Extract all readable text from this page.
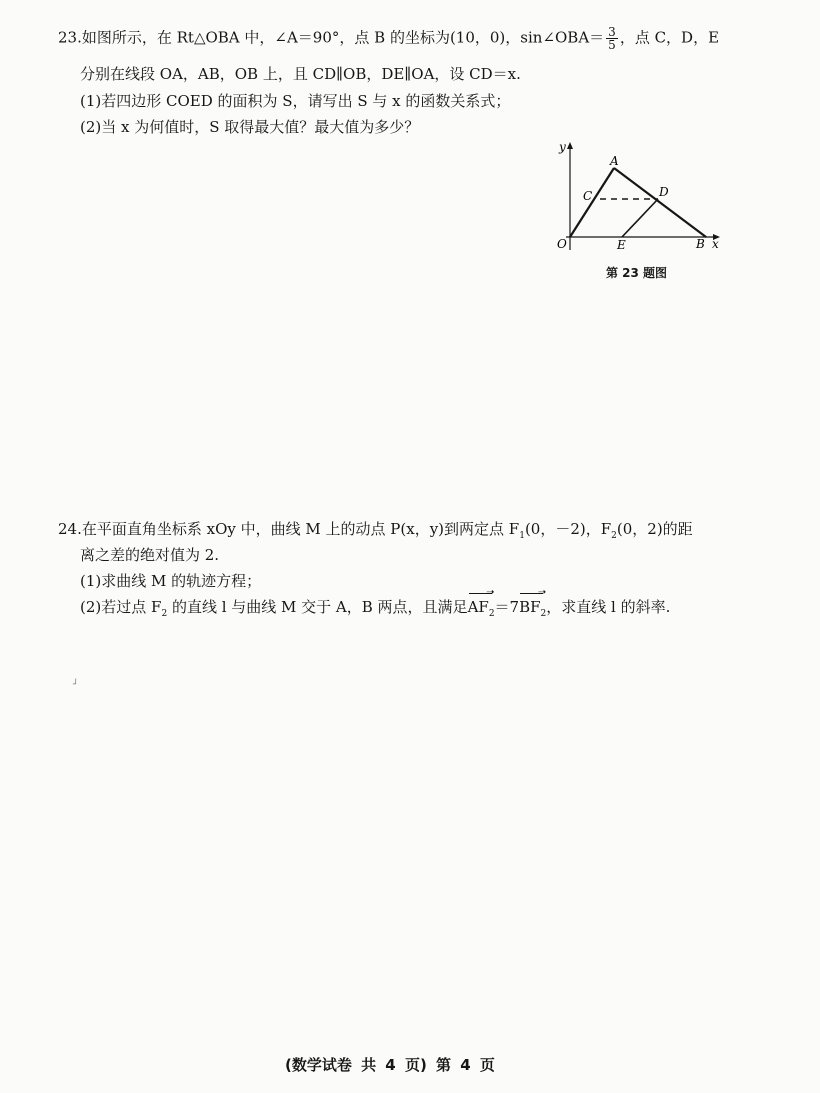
23.如图所示，在 Rt△OBA 中，∠A＝90°，点 B 的坐标为(10，0)，sin∠OBA＝ $\frac{3}{5}$ ，点 C，D，E
分别在线段 OA，AB，OB 上，且 CD∥OB，DE∥OA，设 CD＝x.
(1)若四边形 COED 的面积为 S，请写出 S 与 x 的函数关系式；
(2)当 x 为何值时，S 取得最大值？最大值为多少？
y
A
C	D
O	E	B x
第 23 题图
24.在平面直角坐标系 xOy 中，曲线 M 上的动点 P(x，y)到两定点 $F_1(0$，－2)，$F_2(0$，2)的距
离之差的绝对值为 2.
(1)求曲线 M 的轨迹方程；
(2)若过点 $F_2$ 的直线 l 与曲线 M 交于 A，B 两点，且满足
➝
$AF_2=7$
➝
$BF_2$，求直线 l 的斜率.
┘
(数学试卷 共 4 页) 第 4 页
